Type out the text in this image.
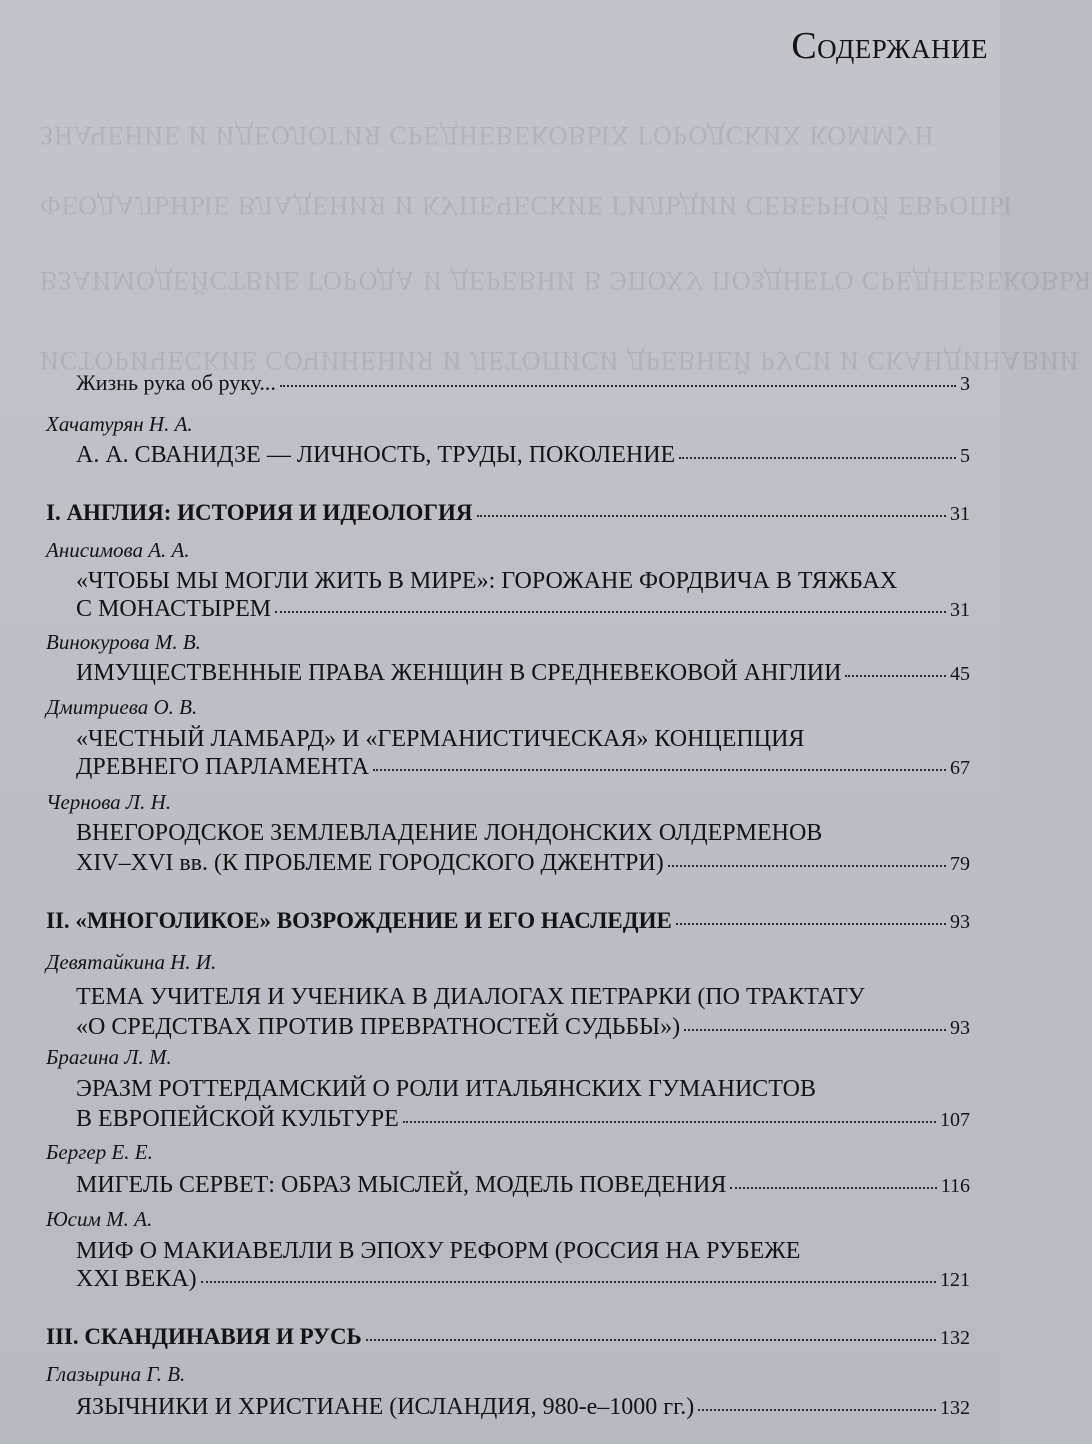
ЗНАЧЕНИЕ И ИДЕОЛОГИЯ СРЕДНЕВЕКОВЫХ ГОРОДСКИХ КОММУН
ФЕОДАЛЬНЫЕ ВЛАДЕНИЯ И КУПЕЧЕСКИЕ ГИЛЬДИИ СЕВЕРНОЙ ЕВРОПЫ
ВЗАИМОДЕЙСТВИЕ ГОРОДА И ДЕРЕВНИ В ЭПОХУ ПОЗДНЕГО СРЕДНЕВЕКОВЬЯ
ИСТОРИЧЕСКИЕ СОЧИНЕНИЯ И ЛЕТОПИСИ ДРЕВНЕЙ РУСИ И СКАНДИНАВИИ
Содержание
Жизнь рука об руку...	3
Хачатурян Н. А.
А. А. СВАНИДЗЕ — ЛИЧНОСТЬ, ТРУДЫ, ПОКОЛЕНИЕ	5
I. АНГЛИЯ: ИСТОРИЯ И ИДЕОЛОГИЯ	31
Анисимова А. А.
«ЧТОБЫ МЫ МОГЛИ ЖИТЬ В МИРЕ»: ГОРОЖАНЕ ФОРДВИЧА В ТЯЖБАХ
С МОНАСТЫРЕМ	31
Винокурова М. В.
ИМУЩЕСТВЕННЫЕ ПРАВА ЖЕНЩИН В СРЕДНЕВЕКОВОЙ АНГЛИИ	45
Дмитриева О. В.
«ЧЕСТНЫЙ ЛАМБАРД» И «ГЕРМАНИСТИЧЕСКАЯ» КОНЦЕПЦИЯ
ДРЕВНЕГО ПАРЛАМЕНТА	67
Чернова Л. Н.
ВНЕГОРОДСКОЕ ЗЕМЛЕВЛАДЕНИЕ ЛОНДОНСКИХ ОЛДЕРМЕНОВ
XIV–XVI вв. (К ПРОБЛЕМЕ ГОРОДСКОГО ДЖЕНТРИ)	79
II. «МНОГОЛИКОЕ» ВОЗРОЖДЕНИЕ И ЕГО НАСЛЕДИЕ	93
Девятайкина Н. И.
ТЕМА УЧИТЕЛЯ И УЧЕНИКА В ДИАЛОГАХ ПЕТРАРКИ (ПО ТРАКТАТУ
«О СРЕДСТВАХ ПРОТИВ ПРЕВРАТНОСТЕЙ СУДЬБЫ»)	93
Брагина Л. М.
ЭРАЗМ РОТТЕРДАМСКИЙ О РОЛИ ИТАЛЬЯНСКИХ ГУМАНИСТОВ
В ЕВРОПЕЙСКОЙ КУЛЬТУРЕ	107
Бергер Е. Е.
МИГЕЛЬ СЕРВЕТ: ОБРАЗ МЫСЛЕЙ, МОДЕЛЬ ПОВЕДЕНИЯ	116
Юсим М. А.
МИФ О МАКИАВЕЛЛИ В ЭПОХУ РЕФОРМ (РОССИЯ НА РУБЕЖЕ
XXI ВЕКА)	121
III. СКАНДИНАВИЯ И РУСЬ	132
Глазырина Г. В.
ЯЗЫЧНИКИ И ХРИСТИАНЕ (ИСЛАНДИЯ, 980-е–1000 гг.)	132
